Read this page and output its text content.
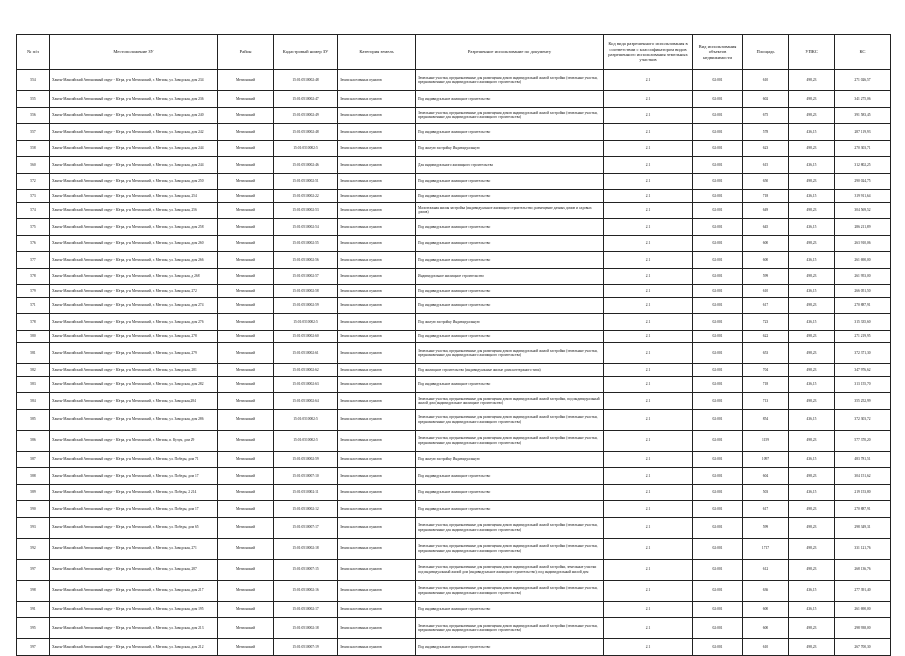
№ п/п	Местоположение ЗУ	Район	Кадастровый номер ЗУ	Категория земель	Разрешенное использование по документу	Код вида разрешенного использования в соответствии с классификатором видов разрешенного использования земельных участков	Вид использования объектов недвижимости	Площадь	УПКС	КС
554	Ханты-Мансийский Автономный округ - Югра, р-н Мегионский, г. Мегион, ул. Заводская, дом 234	Мегионский	15:01:0510002:48	Земли населенных пунктов	Земельные участки, предназначенные для размещения домов индивидуальной жилой застройки (земельные участки, предназначенные для индивидуального жилищного строительства)	2.1	02:001	610	498,23	271 026,57
555	Ханты-Мансийский Автономный округ - Югра, р-н Мегионский, г. Мегион, ул. Заводская, дом 236	Мегионский	15:01:0510002:47	Земли населенных пунктов	Под индивидуальное жилищное строительство	2.1	02:001	602	498,23	341 275,06
556	Ханты-Мансийский Автономный округ - Югра, р-н Мегионский, г. Мегион, ул. Заводская, дом 240	Мегионский	15:01:0510002:49	Земли населенных пунктов	Земельные участки, предназначенные для размещения домов индивидуальной жилой застройки (земельные участки, предназначенные для индивидуального жилищного строительства)	2.1	02:001	675	498,23	391 583,45
557	Ханты-Мансийский Автономный округ - Югра, р-н Мегионский, г. Мегион, ул. Заводская, дом 242	Мегионский	15:01:0510002:48	Земли населенных пунктов	Под индивидуальное жилищное строительство	2.1	02:001	578	436,15	287 119,93
558	Ханты-Мансийский Автономный округ - Югра, р-н Мегионский, г. Мегион, ул. Заводская, дом 244	Мегионский	15:01:0510002:5	Земли населенных пунктов	Под жилую застройку Индивидуальную	2.1	02:001	623	498,23	270 303,71
560	Ханты-Мансийский Автономный округ - Югра, р-н Мегионский, г. Мегион, ул. Заводская, дом 244	Мегионский	15:01:0510002:46	Земли населенных пунктов	Для индивидуального жилищного строительства	2.1	02:001	615	436,15	312 802,25
572	Ханты-Мансийский Автономный округ - Югра, р-н Мегионский, г. Мегион, ул. Заводская, дом 250	Мегионский	15:01:0510002:51	Земли населенных пунктов	Под индивидуальное жилищное строительство	2.1	02:001	650	498,23	290 024,75
573	Ханты-Мансийский Автономный округ - Югра, р-н Мегионский, г. Мегион, ул. Заводская, 254	Мегионский	15:01:0510002:22	Земли населенных пунктов	Под индивидуальное жилищное строительство	2.1	02:001	718	436,15	319 911,64
574	Ханты-Мансийский Автономный округ - Югра, р-н Мегионский, г. Мегион, ул. Заводская, 256	Мегионский	15:01:0510002:53	Земли населенных пунктов	Малоэтажная жилая застройка (индивидуальное жилищное строительство; размещение дачных домов и садовых домов)	2.1	02:001	649	498,23	304 569,52
575	Ханты-Мансийский Автономный округ - Югра, р-н Мегионский, г. Мегион, ул. Заводская, дом 258	Мегионский	15:01:0510002:54	Земли населенных пунктов	Под индивидуальное жилищное строительство	2.1	02:001	645	436,15	286 211,89
576	Ханты-Мансийский Автономный округ - Югра, р-н Мегионский, г. Мегион, ул. Заводская, дом 260	Мегионский	15:01:0510002:55	Земли населенных пунктов	Под индивидуальное жилищное строительство	2.1	02:001	600	498,23	263 910,06
577	Ханты-Мансийский Автономный округ - Югра, р-н Мегионский, г. Мегион, ул. Заводская, дом 266	Мегионский	15:01:0510002:56	Земли населенных пунктов	Под индивидуальное жилищное строительство	2.1	02:001	600	436,15	261 690,00
578	Ханты-Мансийский Автономный округ - Югра, р-н Мегионский, г. Мегион, ул. Заводская, д 268	Мегионский	15:01:0510002:57	Земли населенных пунктов	Индивидуальное жилищное строительство	2.1	02:001	599	498,23	261 953,00
579	Ханты-Мансийский Автономный округ - Югра, р-н Мегионский, г. Мегион, ул. Заводская, 272	Мегионский	15:01:0510002:58	Земли населенных пунктов	Под индивидуальное жилищное строительство	2.1	02:001	610	436,15	266 051,50
571	Ханты-Мансийский Автономный округ - Югра, р-н Мегионский, г. Мегион, ул. Заводская, дом 274	Мегионский	15:01:0510002:59	Земли населенных пунктов	Под индивидуальное жилищное строительство	2.1	02:001	617	498,23	270 887,91
578	Ханты-Мансийский Автономный округ - Югра, р-н Мегионский, г. Мегион, ул. Заводская, дом 276	Мегионский	15:01:0510002:5	Земли населенных пунктов	Под жилую застройку Индивидуальную	2.1	02:001	723	436,15	315 335,60
580	Ханты-Мансийский Автономный округ - Югра, р-н Мегионский, г. Мегион, ул. Заводская, 278	Мегионский	15:01:0510002:60	Земли населенных пунктов	Под индивидуальное жилищное строительство	2.1	02:001	622	498,23	271 219,95
581	Ханты-Мансийский Автономный округ - Югра, р-н Мегионский, г. Мегион, ул. Заводская, 279	Мегионский	15:01:0510002:61	Земли населенных пунктов	Земельные участки, предназначенные для размещения домов индивидуальной жилой застройки (земельные участки, предназначенные для индивидуального жилищного строительства)	2.1	02:001	653	498,23	372 371,30
582	Ханты-Мансийский Автономный округ - Югра, р-н Мегионский, г. Мегион, ул. Заводская, 281	Мегионский	15:01:0510002:62	Земли населенных пунктов	Под жилищное строительство (индивидуальные жилые дома коттеджного типа)	2.1	02:001	704	498,23	347 976,62
583	Ханты-Мансийский Автономный округ - Югра, р-н Мегионский, г. Мегион, ул. Заводская, дом 282	Мегионский	15:01:0510002:63	Земли населенных пунктов	Под индивидуальное жилищное строительство	2.1	02:001	718	436,15	313 155,70
584	Ханты-Мансийский Автономный округ - Югра, р-н Мегионский, г. Мегион, ул. Заводская,284	Мегионский	15:01:0510002:64	Земли населенных пунктов	Земельные участки, предназначенные для размещения домов индивидуальной жилой застройки, под индивидуальный жилой дом (индивидуальное жилищное строительство)	2.1	02:001	713	498,23	355 252,99
585	Ханты-Мансийский Автономный округ - Югра, р-н Мегионский, г. Мегион, ул. Заводская, дом 286	Мегионский	15:01:0510002:5	Земли населенных пунктов	Земельные участки, предназначенные для размещения домов индивидуальной жилой застройки (земельные участки, предназначенные для индивидуального жилищного строительства)	2.1	02:001	854	436,15	372 303,72
586	Ханты-Мансийский Автономный округ - Югра, р-н Мегионский, г. Мегион, п. Кучук, дом 29	Мегионский	15:01:0510002:5	Земли населенных пунктов	Земельные участки, предназначенные для размещения домов индивидуальной жилой застройки (земельные участки, предназначенные для индивидуального жилищного строительства)	2.1	02:001	1159	498,23	577 370,20
587	Ханты-Мансийский Автономный округ - Югра, р-н Мегионский, г. Мегион, ул. Победы, дом 71	Мегионский	15:01:0510002:59	Земли населенных пунктов	Под жилую застройку Индивидуальную	2.1	02:001	1097	436,15	483 781,51
588	Ханты-Мансийский Автономный округ - Югра, р-н Мегионский, г. Мегион, ул. Победы, дом 17	Мегионский	15:01:0510007:10	Земли населенных пунктов	Под индивидуальное жилищное строительство	2.1	02:001	604	498,23	304 151,62
589	Ханты-Мансийский Автономный округ - Югра, р-н Мегионский, г. Мегион, ул. Победы, 2 214	Мегионский	15:01:0510002:11	Земли населенных пунктов	Под индивидуальное жилищное строительство	2.1	02:001	503	436,15	219 153,80
590	Ханты-Мансийский Автономный округ - Югра, р-н Мегионский, г. Мегион, ул. Победы, дом 17	Мегионский	15:01:0510002:12	Земли населенных пунктов	Под индивидуальное жилищное строительство	2.1	02:001	617	498,23	270 887,91
593	Ханты-Мансийский Автономный округ - Югра, р-н Мегионский, г. Мегион, ул. Победы, дом 65	Мегионский	15:01:0510007:17	Земли населенных пунктов	Земельные участки, предназначенные для размещения домов индивидуальной жилой застройки (земельные участки, предназначенные для индивидуального жилищного строительства)	2.1	02:001	599	498,23	298 349,31
592	Ханты-Мансийский Автономный округ - Югра, р-н Мегионский, г. Мегион, ул. Заводская, 271	Мегионский	15:01:0510002:18	Земли населенных пунктов	Земельные участки, предназначенные для размещения домов индивидуальной жилой застройки (земельные участки, предназначенные для индивидуального жилищного строительства)	2.1	02:001	1717	498,23	331 121,76
597	Ханты-Мансийский Автономный округ - Югра, р-н Мегионский, г. Мегион, ул. Заводская, 287	Мегионский	15:01:0510007:15	Земли населенных пунктов	Земельные участки, предназначенные для размещения домов индивидуальной жилой застройки, земельные участки под индивидуальный жилой дом (индивидуальное жилищное строительство); под индивидуальный жилой дом	2.1	02:001	612	498,23	268 136,76
598	Ханты-Мансийский Автономный округ - Югра, р-н Мегионский, г. Мегион, ул. Заводская, дом 217	Мегионский	15:01:0510002:16	Земли населенных пунктов	Земельные участки, предназначенные для размещения домов индивидуальной жилой застройки (земельные участки, предназначенные для индивидуального жилищного строительства)	2.1	02:001	636	436,15	277 391,40
591	Ханты-Мансийский Автономный округ - Югра, р-н Мегионский, г. Мегион, ул. Заводская, дом 195	Мегионский	15:01:0510002:17	Земли населенных пунктов	Под индивидуальное жилищное строительство	2.1	02:001	600	436,15	261 690,00
595	Ханты-Мансийский Автономный округ - Югра, р-н Мегионский, г. Мегион, ул. Заводская, дом 213	Мегионский	15:01:0510002:18	Земли населенных пунктов	Земельные участки, предназначенные для размещения домов индивидуальной жилой застройки (земельные участки, предназначенные для индивидуального жилищного строительства)	2.1	02:001	600	498,23	298 938,00
597	Ханты-Мансийский Автономный округ - Югра, р-н Мегионский, г. Мегион, ул. Заводская, дом 212	Мегионский	15:01:0510007:19	Земли населенных пунктов	Под индивидуальное жилищное строительство	2.1	02:001	610	498,23	267 700,30
